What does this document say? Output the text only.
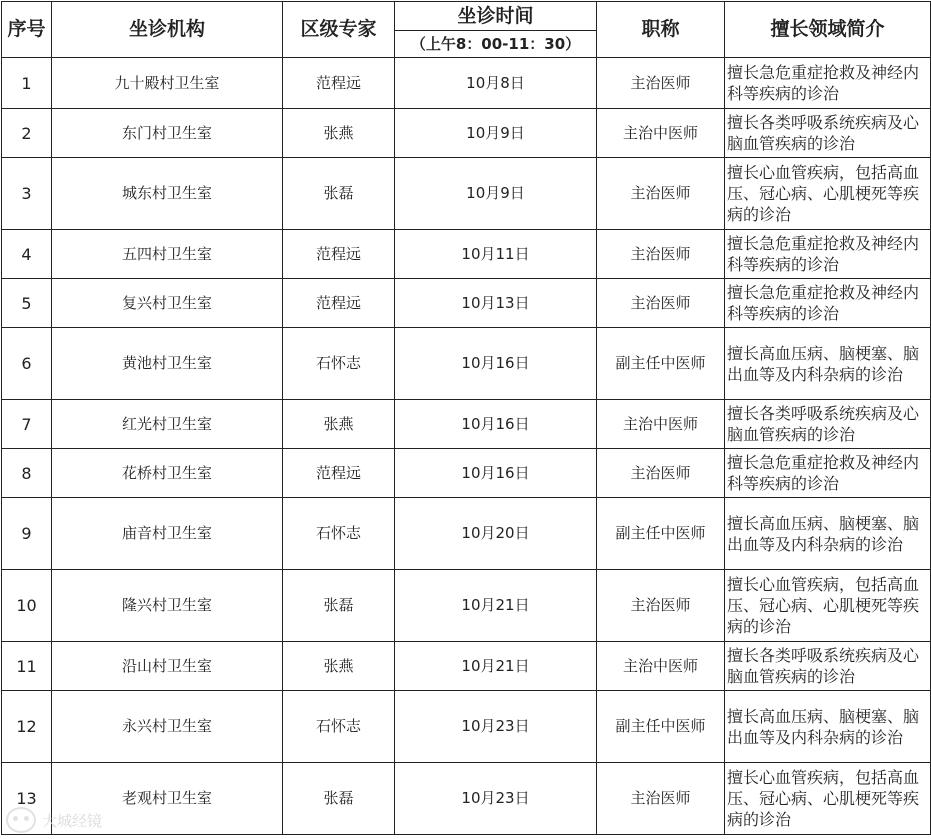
序号	坐诊机构	区级专家	坐诊时间	职称	擅长领域简介
			（上午8：00-11：30）		
1	九十殿村卫生室	范程远	10月8日	主治医师	擅长急危重症抢救及神经内科等疾病的诊治
2	东门村卫生室	张燕	10月9日	主治中医师	擅长各类呼吸系统疾病及心脑血管疾病的诊治
3	城东村卫生室	张磊	10月9日	主治医师	擅长心血管疾病，包括高血压、冠心病、心肌梗死等疾病的诊治
4	五四村卫生室	范程远	10月11日	主治医师	擅长急危重症抢救及神经内科等疾病的诊治
5	复兴村卫生室	范程远	10月13日	主治医师	擅长急危重症抢救及神经内科等疾病的诊治
6	黄池村卫生室	石怀志	10月16日	副主任中医师	擅长高血压病、脑梗塞、脑出血等及内科杂病的诊治
7	红光村卫生室	张燕	10月16日	主治中医师	擅长各类呼吸系统疾病及心脑血管疾病的诊治
8	花桥村卫生室	范程远	10月16日	主治医师	擅长急危重症抢救及神经内科等疾病的诊治
9	庙音村卫生室	石怀志	10月20日	副主任中医师	擅长高血压病、脑梗塞、脑出血等及内科杂病的诊治
10	隆兴村卫生室	张磊	10月21日	主治医师	擅长心血管疾病，包括高血压、冠心病、心肌梗死等疾病的诊治
11	沿山村卫生室	张燕	10月21日	主治中医师	擅长各类呼吸系统疾病及心脑血管疾病的诊治
12	永兴村卫生室	石怀志	10月23日	副主任中医师	擅长高血压病、脑梗塞、脑出血等及内科杂病的诊治
13	老观村卫生室	张磊	10月23日	主治医师	擅长心血管疾病，包括高血压、冠心病、心肌梗死等疾病的诊治
大城经镜
